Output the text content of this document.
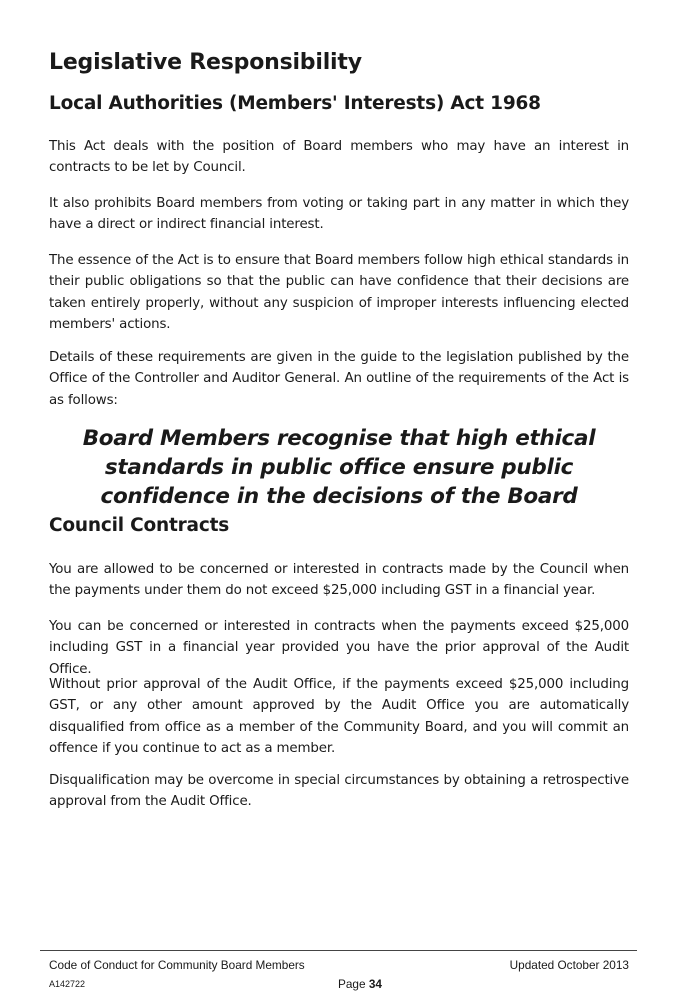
Legislative Responsibility
Local Authorities (Members' Interests) Act 1968

This Act deals with the position of Board members who may have an interest in contracts to be let by Council.

It also prohibits Board members from voting or taking part in any matter in which they have a direct or indirect financial interest.

The essence of the Act is to ensure that Board members follow high ethical standards in their public obligations so that the public can have confidence that their decisions are taken entirely properly, without any suspicion of improper interests influencing elected members' actions.

Details of these requirements are given in the guide to the legislation published by the Office of the Controller and Auditor General. An outline of the requirements of the Act is as follows:

Board Members recognise that high ethical standards in public office ensure public confidence in the decisions of the Board

Council Contracts

You are allowed to be concerned or interested in contracts made by the Council when the payments under them do not exceed $25,000 including GST in a financial year.

You can be concerned or interested in contracts when the payments exceed $25,000 including GST in a financial year provided you have the prior approval of the Audit Office.

Without prior approval of the Audit Office, if the payments exceed $25,000 including GST, or any other amount approved by the Audit Office you are automatically disqualified from office as a member of the Community Board, and you will commit an offence if you continue to act as a member.

Disqualification may be overcome in special circumstances by obtaining a retrospective approval from the Audit Office.

Code of Conduct for Community Board Members	Updated October 2013
A142722	Page 34
